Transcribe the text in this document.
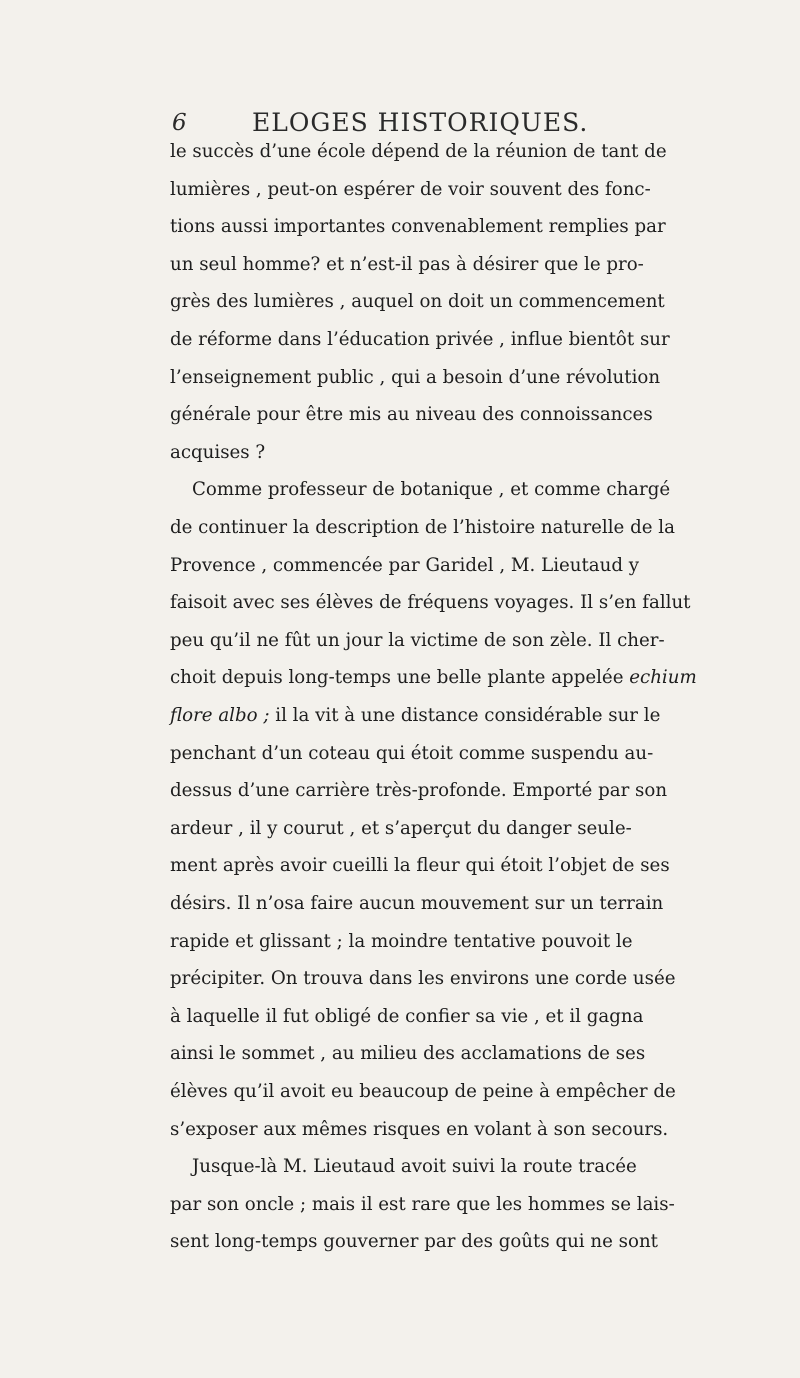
6	ELOGES HISTORIQUES.
le succès d’une école dépend de la réunion de tant de
lumières , peut-on espérer de voir souvent des fonc-
tions aussi importantes convenablement remplies par
un seul homme? et n’est-il pas à désirer que le pro-
grès des lumières , auquel on doit un commencement
de réforme dans l’éducation privée , influe bientôt sur
l’enseignement public , qui a besoin d’une révolution
générale pour être mis au niveau des connoissances
acquises ?
Comme professeur de botanique , et comme chargé
de continuer la description de l’histoire naturelle de la
Provence , commencée par Garidel , M. Lieutaud y
faisoit avec ses élèves de fréquens voyages. Il s’en fallut
peu qu’il ne fût un jour la victime de son zèle. Il cher-
choit depuis long-temps une belle plante appelée echium
flore albo ; il la vit à une distance considérable sur le
penchant d’un coteau qui étoit comme suspendu au-
dessus d’une carrière très-profonde. Emporté par son
ardeur , il y courut , et s’aperçut du danger seule-
ment après avoir cueilli la fleur qui étoit l’objet de ses
désirs. Il n’osa faire aucun mouvement sur un terrain
rapide et glissant ; la moindre tentative pouvoit le
précipiter. On trouva dans les environs une corde usée
à laquelle il fut obligé de confier sa vie , et il gagna
ainsi le sommet , au milieu des acclamations de ses
élèves qu’il avoit eu beaucoup de peine à empêcher de
s’exposer aux mêmes risques en volant à son secours.
Jusque-là M. Lieutaud avoit suivi la route tracée
par son oncle ; mais il est rare que les hommes se lais-
sent long-temps gouverner par des goûts qui ne sont
